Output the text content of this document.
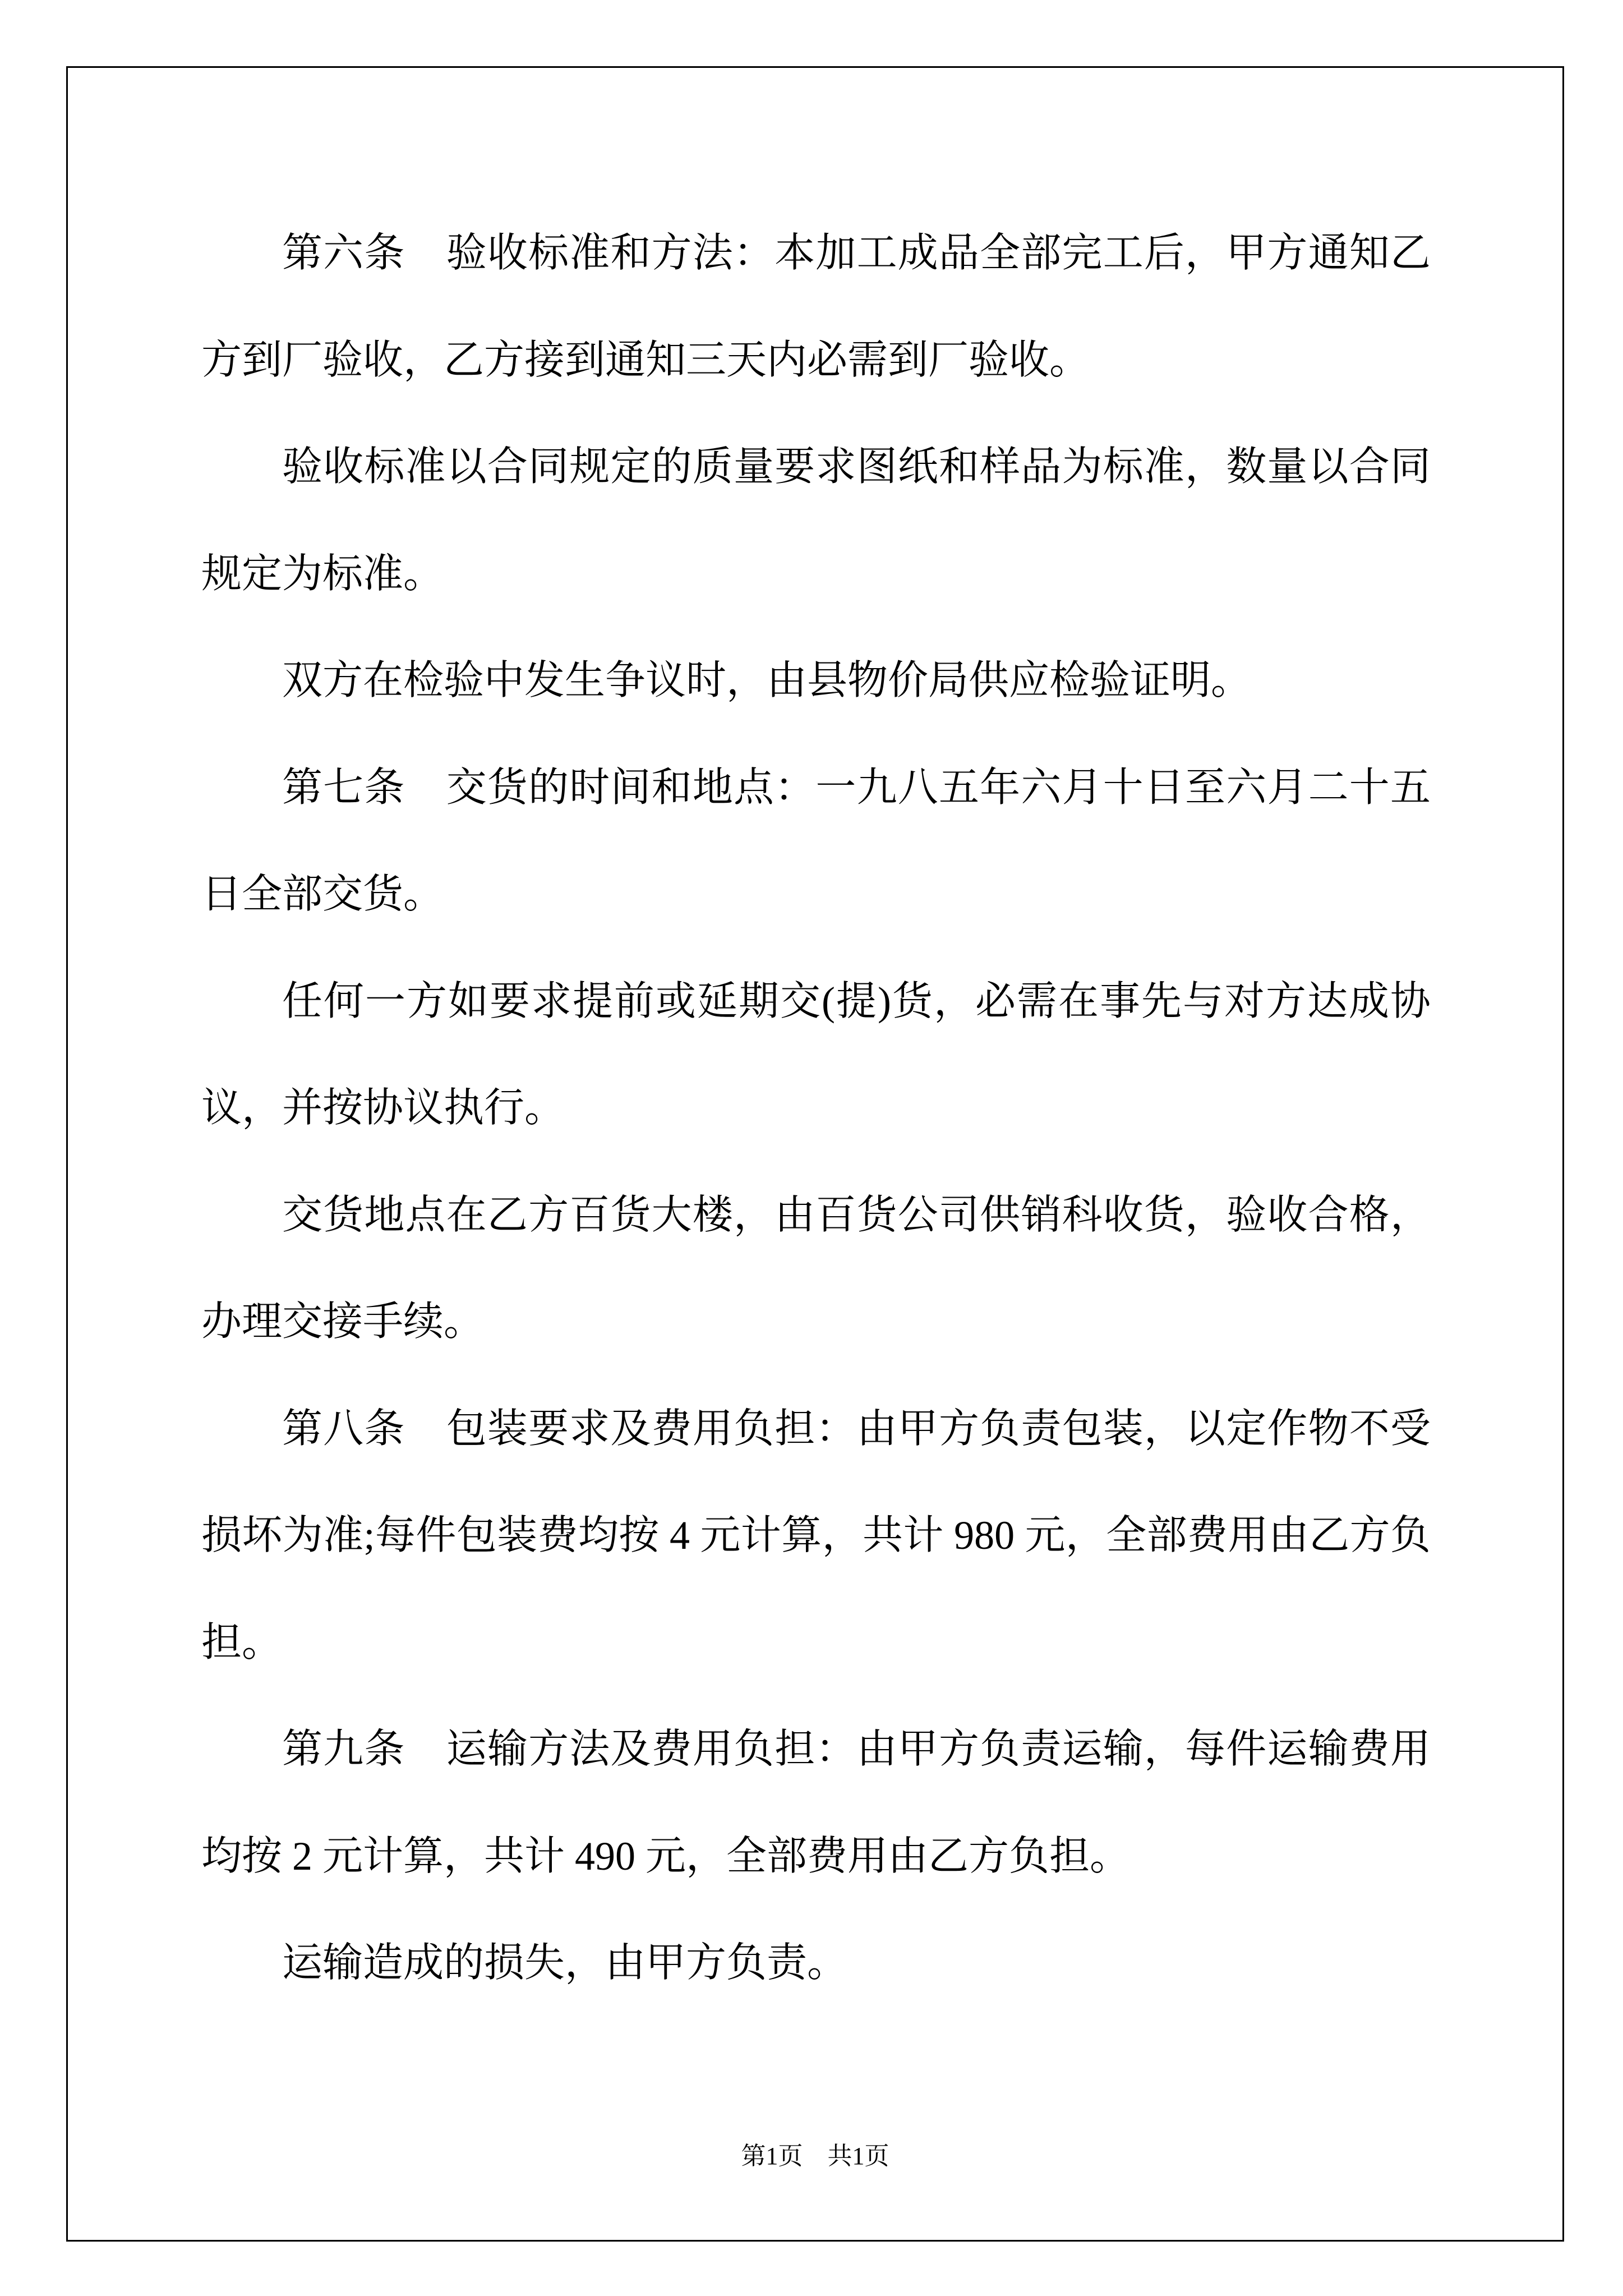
第六条　验收标准和方法：本加工成品全部完工后，甲方通知乙
方到厂验收，乙方接到通知三天内必需到厂验收。
验收标准以合同规定的质量要求图纸和样品为标准，数量以合同
规定为标准。
双方在检验中发生争议时，由县物价局供应检验证明。
第七条　交货的时间和地点：一九八五年六月十日至六月二十五
日全部交货。
任何一方如要求提前或延期交(提)货，必需在事先与对方达成协
议，并按协议执行。
交货地点在乙方百货大楼，由百货公司供销科收货，验收合格，
办理交接手续。
第八条　包装要求及费用负担：由甲方负责包装，以定作物不受
损坏为准;每件包装费均按 4 元计算，共计 980 元，全部费用由乙方负
担。
第九条　运输方法及费用负担：由甲方负责运输，每件运输费用
均按 2 元计算，共计 490 元，全部费用由乙方负担。
运输造成的损失，由甲方负责。
第1页　共1页
